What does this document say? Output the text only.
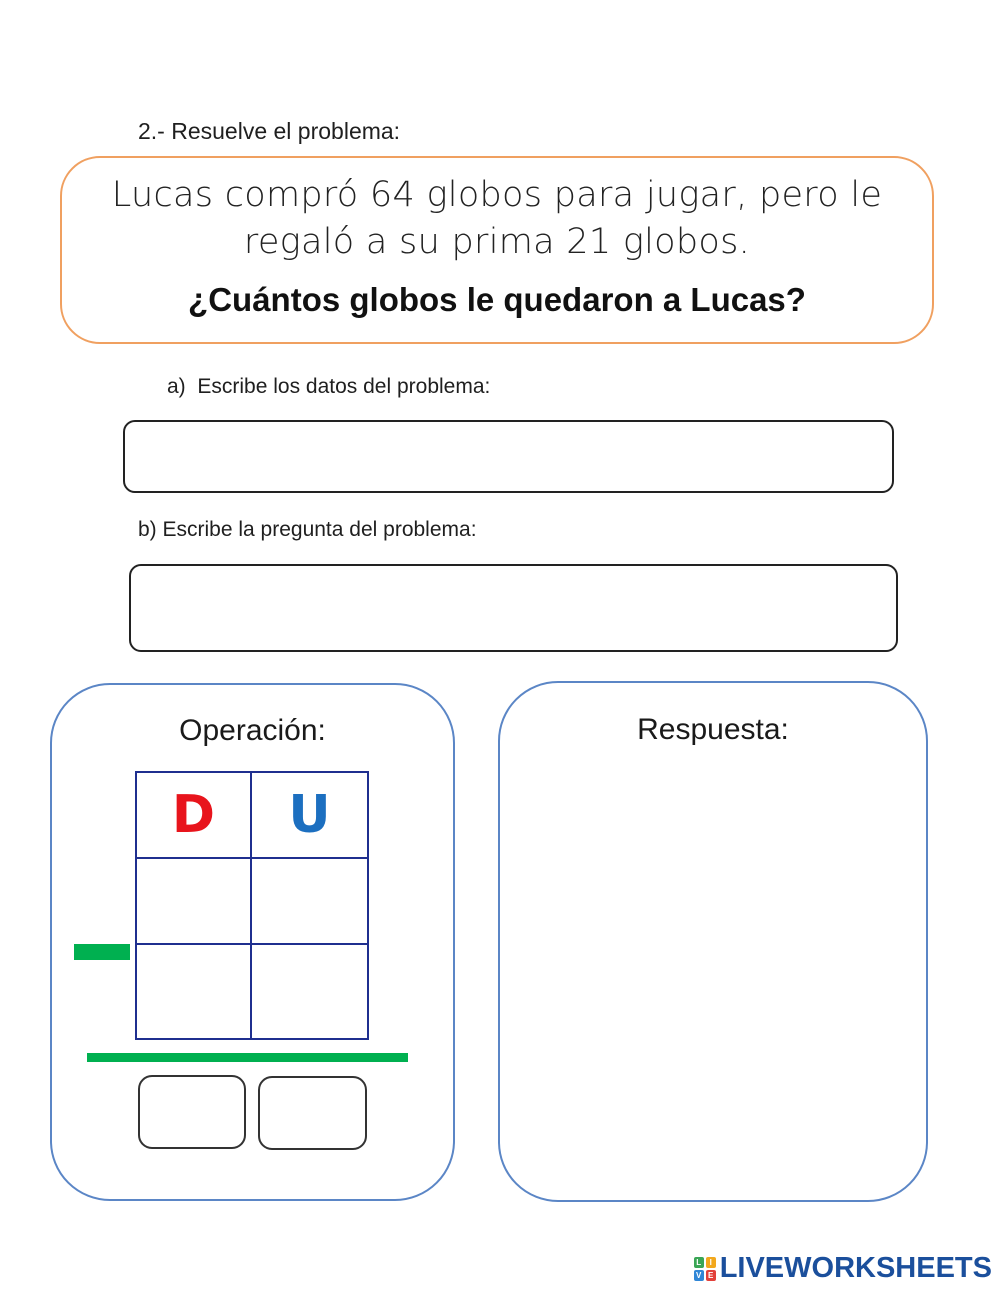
2.- Resuelve el problema:
Lucas compró 64 globos para jugar, pero le
regaló a su prima 21 globos.
¿Cuántos globos le quedaron a Lucas?
a) Escribe los datos del problema:
b) Escribe la pregunta del problema:
Operación:
D U
Respuesta:
L	I
V E LIVEWORKSHEETS
